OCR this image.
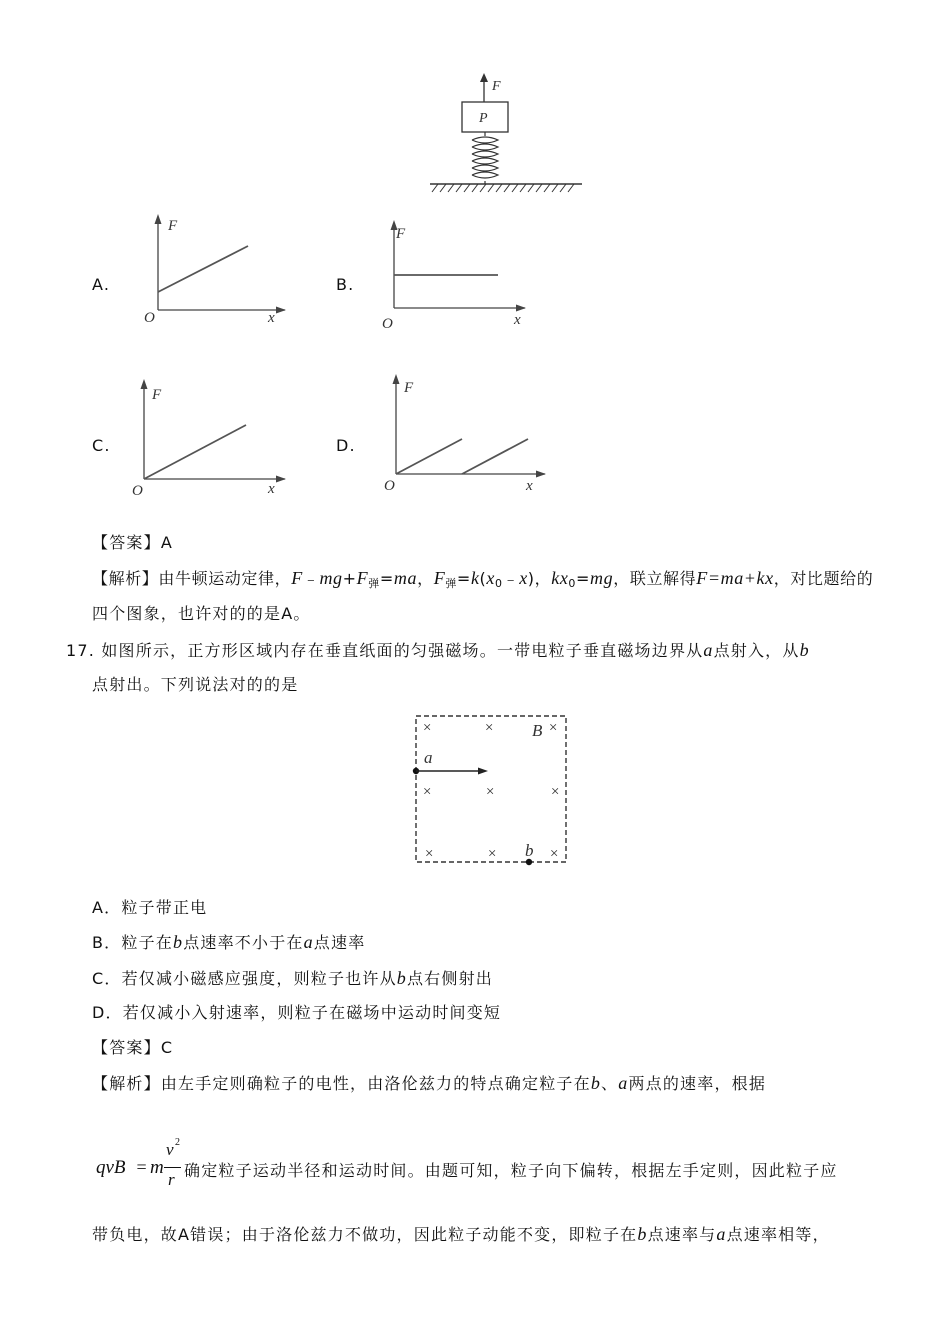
F
P
A.
F
x
O
B.
F
x
O
C.
F
x
O
D.
F
x
O
【答案】A
【解析】由牛顿运动定律，$F﹣mg+F_弹=ma$，$F_弹=k(x_0﹣x)$，$kx_0=mg$，联立解得F=ma+kx，对比题给的
四个图象，也许对的的是A。
17. 如图所示，正方形区域内存在垂直纸面的匀强磁场。一带电粒子垂直磁场边界从a点射入，从b
点射出。下列说法对的的是
×	×	×
×	×	×
×	×	×
B
a
b
A．粒子带正电
B．粒子在b点速率不小于在a点速率
C．若仅减小磁感应强度，则粒子也许从b点右侧射出
D．若仅减小入射速率，则粒子在磁场中运动时间变短
【答案】C
【解析】由左手定则确粒子的电性，由洛伦兹力的特点确定粒子在b、a两点的速率，根据
qvB =
m
v 2
r 确定粒子运动半径和运动时间。由题可知，粒子向下偏转，根据左手定则，因此粒子应
带负电，故A错误；由于洛伦兹力不做功，因此粒子动能不变，即粒子在b点速率与a点速率相等，
